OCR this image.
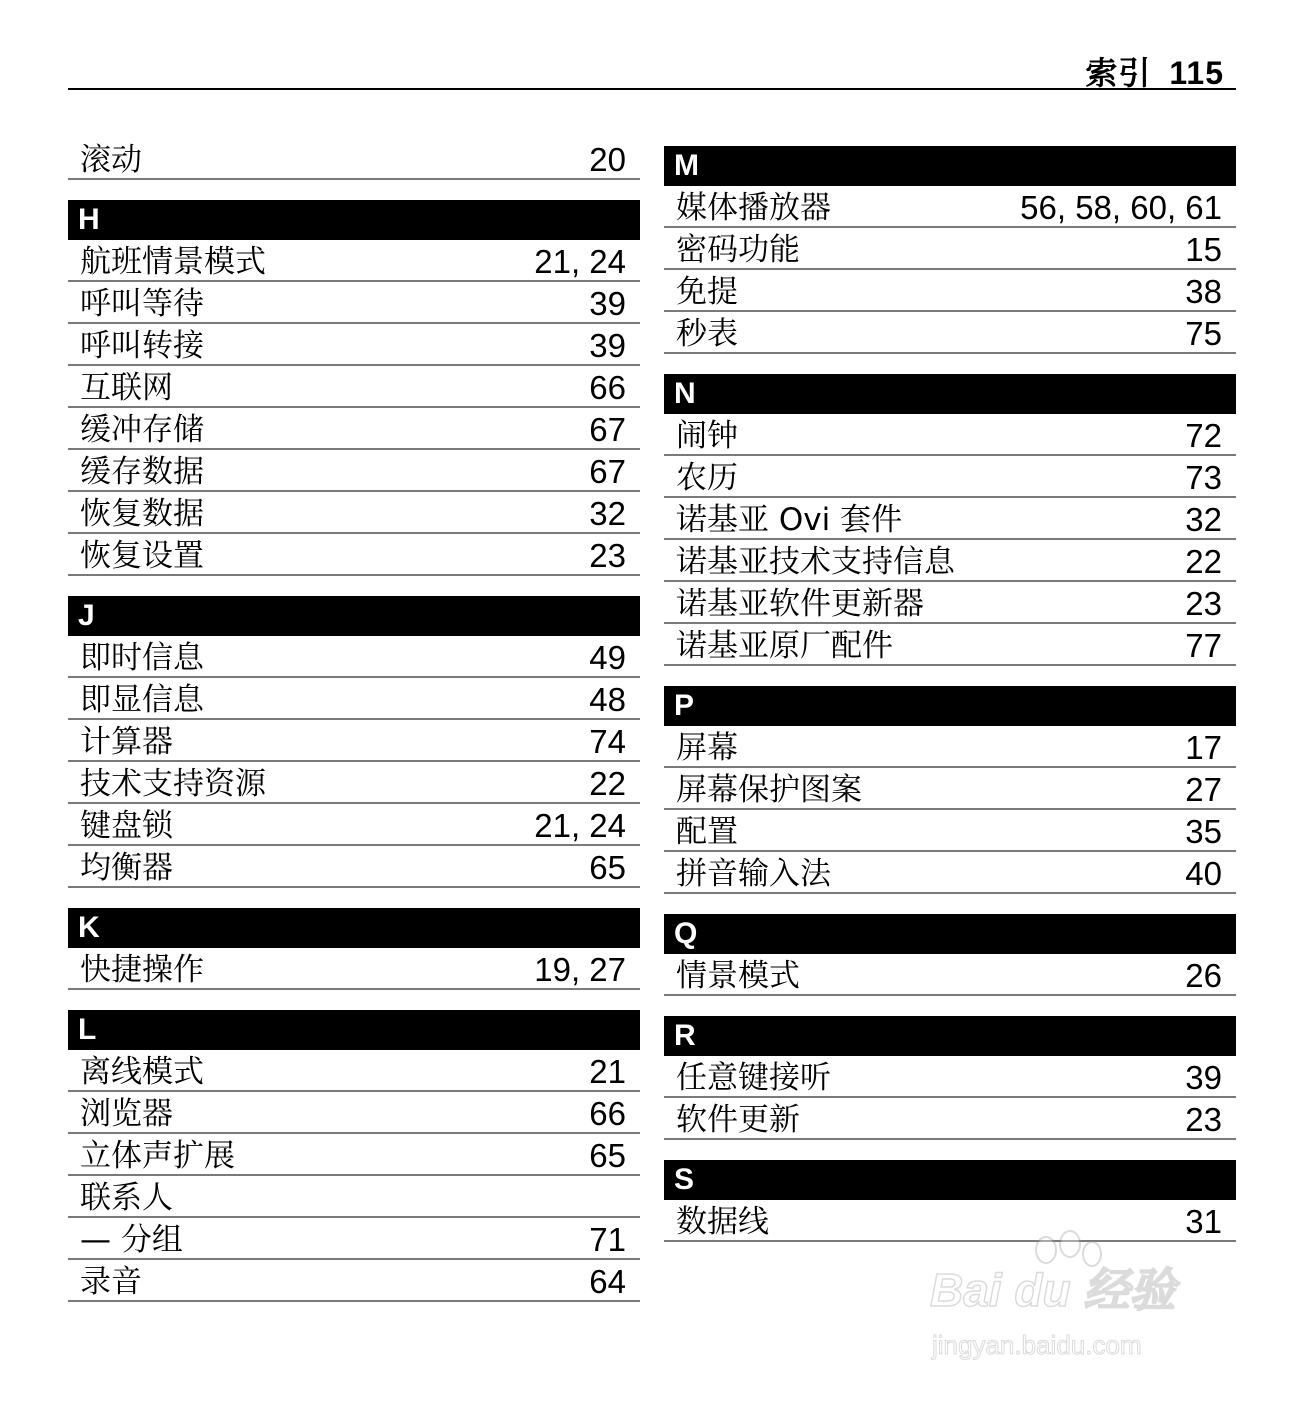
索引 115
滚动	20
H
航班情景模式	21, 24
呼叫等待	39
呼叫转接	39
互联网	66
缓冲存储	67
缓存数据	67
恢复数据	32
恢复设置	23
J
即时信息	49
即显信息	48
计算器	74
技术支持资源	22
键盘锁	21, 24
均衡器	65
K
快捷操作	19, 27
L
离线模式	21
浏览器	66
立体声扩展	65
联系人
— 分组	71
录音	64
M
媒体播放器	56, 58, 60, 61
密码功能	15
免提	38
秒表	75
N
闹钟	72
农历	73
诺基亚 Ovi 套件	32
诺基亚技术支持信息	22
诺基亚软件更新器	23
诺基亚原厂配件	77
P
屏幕	17
屏幕保护图案	27
配置	35
拼音输入法	40
Q
情景模式	26
R
任意键接听	39
软件更新	23
S
数据线	31
Bai du 经验
jingyan.baidu.com
